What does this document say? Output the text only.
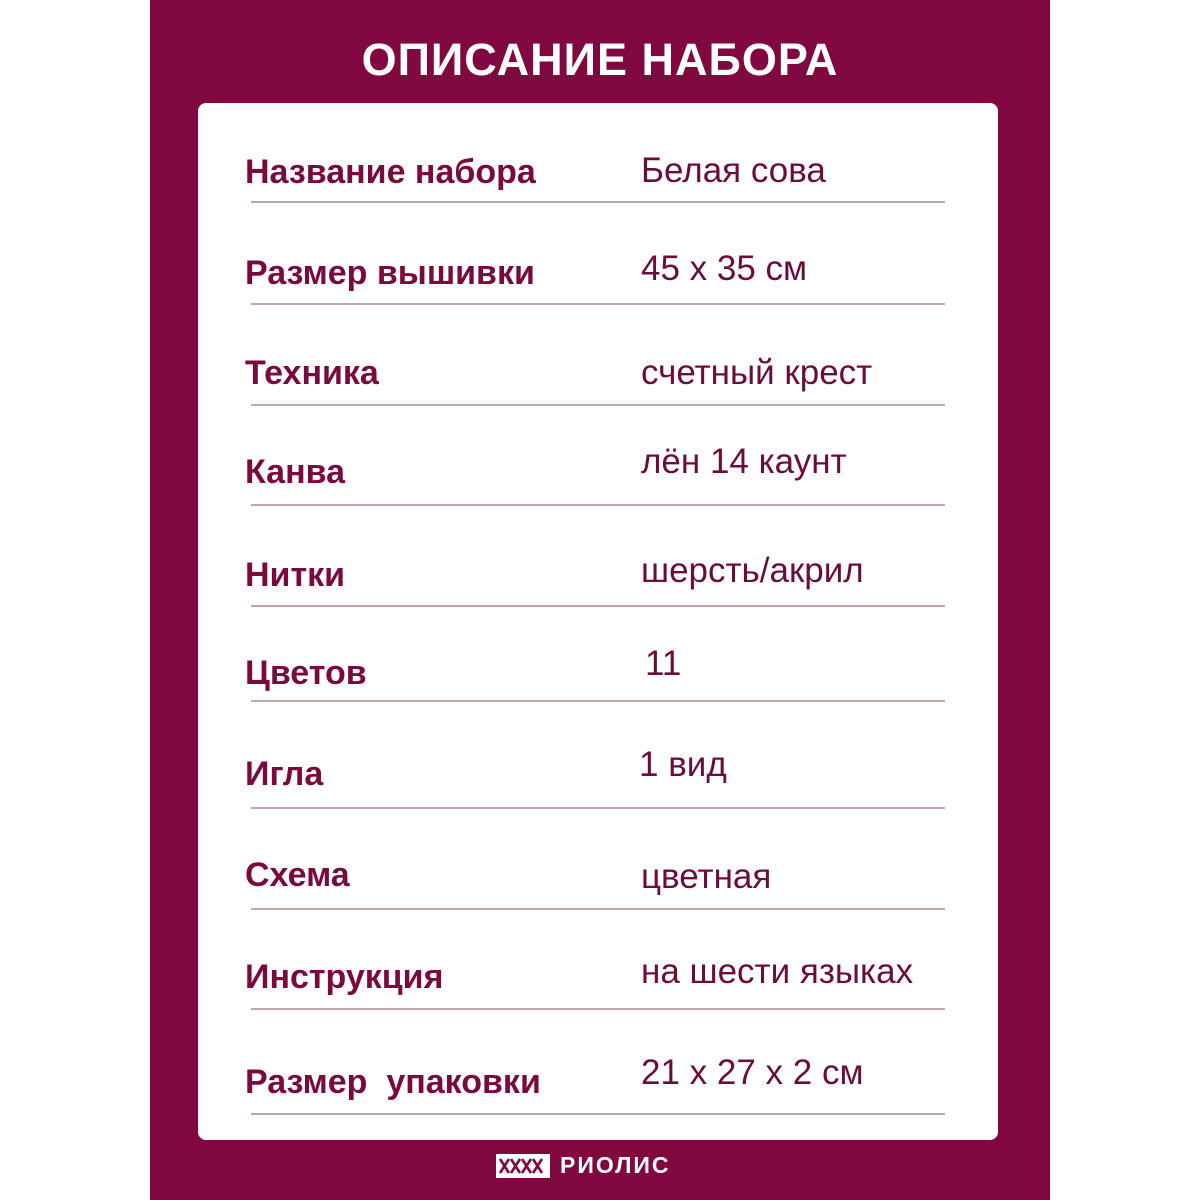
ОПИСАНИЕ НАБОРА
Название набора	Белая сова
Размер вышивки	45 х 35 см
Техника	счетный крест
Канва	лён 14 каунт
Нитки	шерсть/акрил
Цветов	11
Игла	1 вид
Схема	цветная
Инструкция	на шести языках
Размер  упаковки	21 х 27 х 2 см
РИОЛИС
